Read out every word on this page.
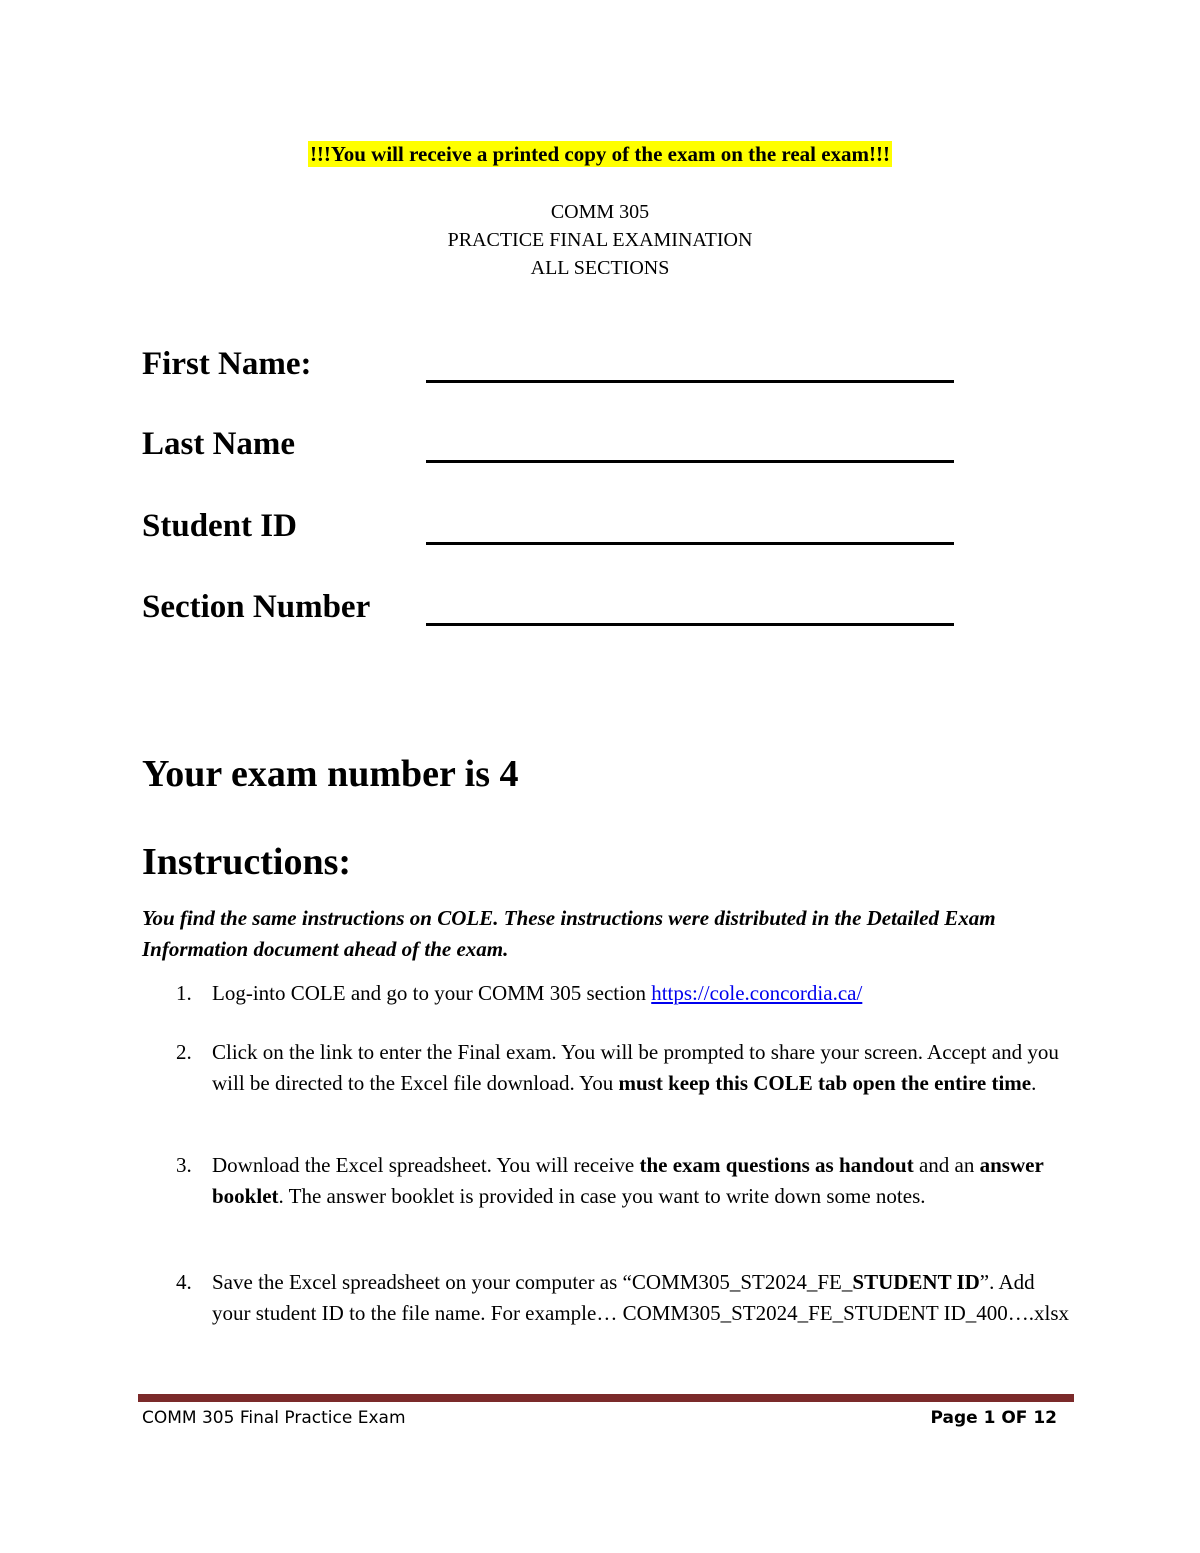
!!!You will receive a printed copy of the exam on the real exam!!!
COMM 305
PRACTICE FINAL EXAMINATION
ALL SECTIONS
First Name:
Last Name
Student ID
Section Number
Your exam number is 4
Instructions:
You find the same instructions on COLE. These instructions were distributed in the Detailed Exam Information document ahead of the exam.
1. Log-into COLE and go to your COMM 305 section https://cole.concordia.ca/
2. Click on the link to enter the Final exam. You will be prompted to share your screen. Accept and you will be directed to the Excel file download. You must keep this COLE tab open the entire time.
3. Download the Excel spreadsheet. You will receive the exam questions as handout and an answer booklet. The answer booklet is provided in case you want to write down some notes.
4. Save the Excel spreadsheet on your computer as “COMM305_ST2024_FE_STUDENT ID”. Add your student ID to the file name. For example… COMM305_ST2024_FE_STUDENT ID_400….xlsx
COMM 305 Final Practice Exam	Page 1 OF 12
